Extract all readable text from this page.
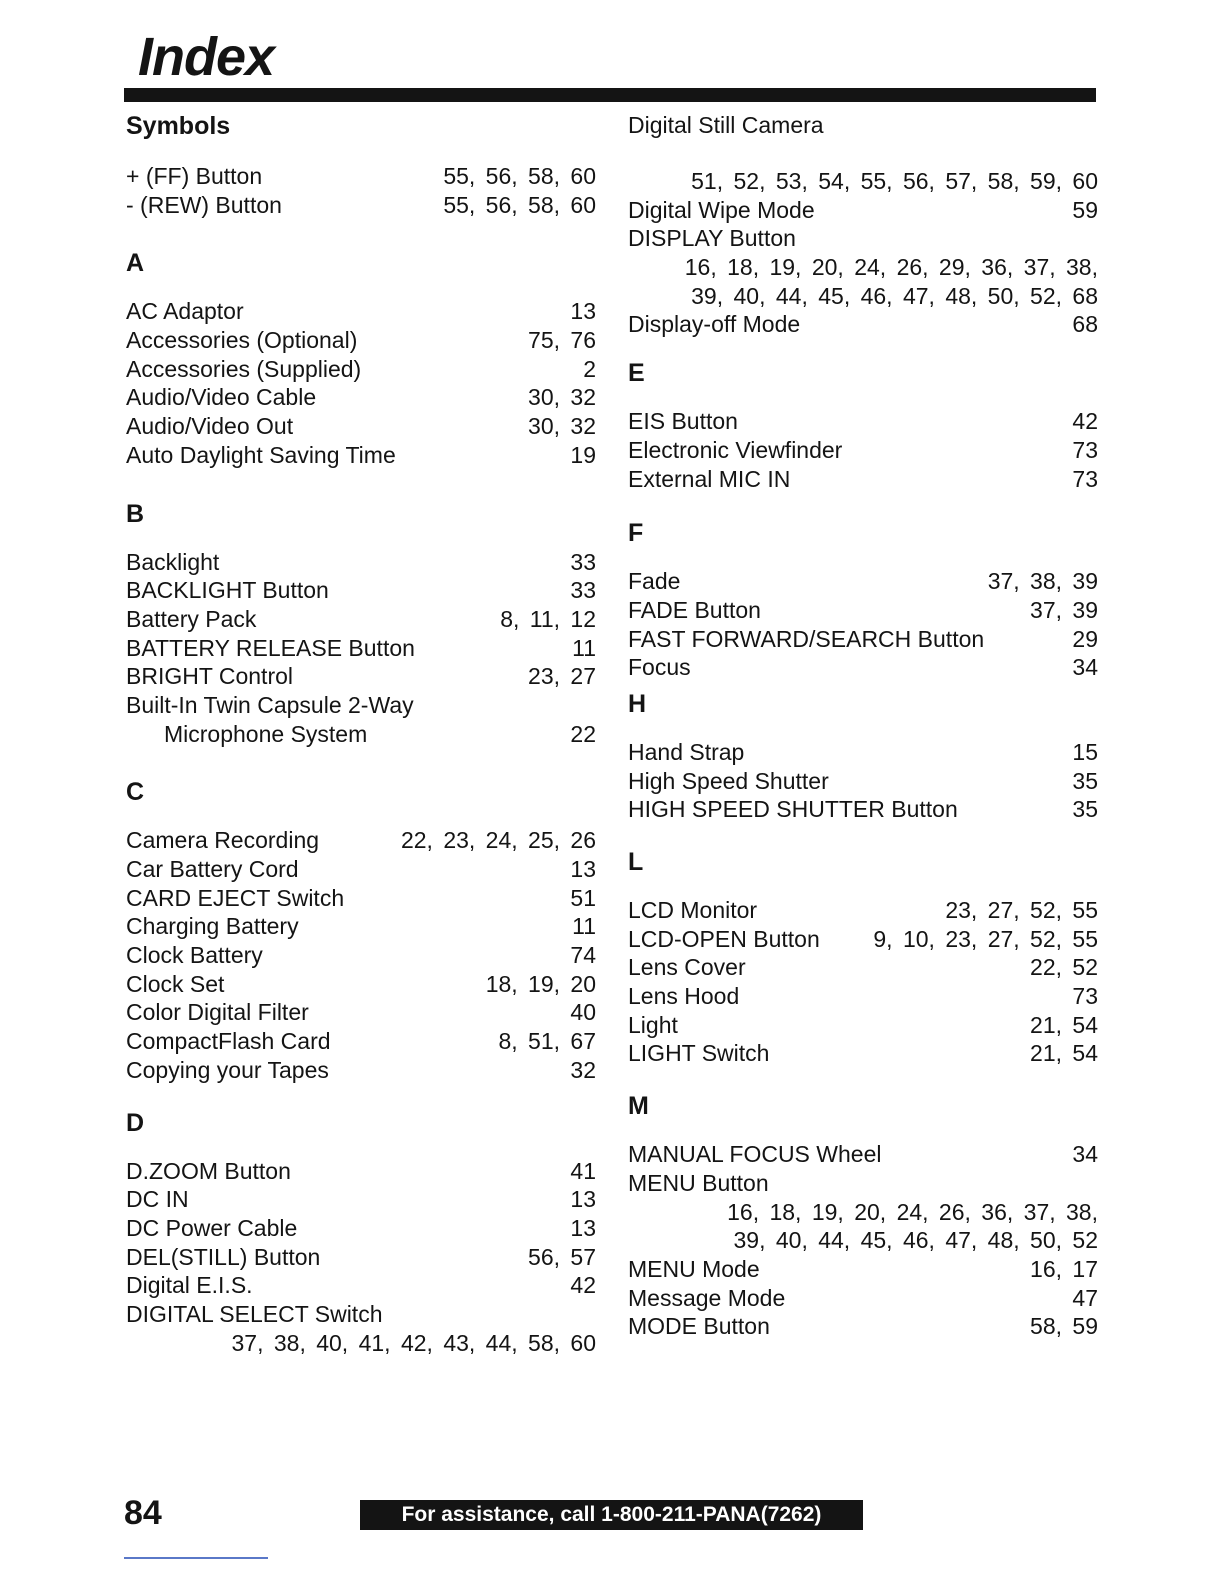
Index
Symbols
+ (FF) Button	55, 56, 58, 60
- (REW) Button	55, 56, 58, 60
A
AC Adaptor	13
Accessories (Optional)	75, 76
Accessories (Supplied)	2
Audio/Video Cable	30, 32
Audio/Video Out	30, 32
Auto Daylight Saving Time	19
B
Backlight	33
BACKLIGHT Button	33
Battery Pack	8, 11, 12
BATTERY RELEASE Button	11
BRIGHT Control	23, 27
Built-In Twin Capsule 2-Way
Microphone System	22
C
Camera Recording	22, 23, 24, 25, 26
Car Battery Cord	13
CARD EJECT Switch	51
Charging Battery	11
Clock Battery	74
Clock Set	18, 19, 20
Color Digital Filter	40
CompactFlash Card	8, 51, 67
Copying your Tapes	32
D
D.ZOOM Button	41
DC IN	13
DC Power Cable	13
DEL(STILL) Button	56, 57
Digital E.I.S.	42
DIGITAL SELECT Switch
37, 38, 40, 41, 42, 43, 44, 58, 60
Digital Still Camera
51, 52, 53, 54, 55, 56, 57, 58, 59, 60
Digital Wipe Mode	59
DISPLAY Button
16, 18, 19, 20, 24, 26, 29, 36, 37, 38,
39, 40, 44, 45, 46, 47, 48, 50, 52, 68
Display-off Mode	68
E
EIS Button	42
Electronic Viewfinder	73
External MIC IN	73
F
Fade	37, 38, 39
FADE Button	37, 39
FAST FORWARD/SEARCH Button	29
Focus	34
H
Hand Strap	15
High Speed Shutter	35
HIGH SPEED SHUTTER Button	35
L
LCD Monitor	23, 27, 52, 55
LCD-OPEN Button 9, 10, 23, 27, 52, 55
Lens Cover	22, 52
Lens Hood	73
Light	21, 54
LIGHT Switch	21, 54
M
MANUAL FOCUS Wheel	34
MENU Button
16, 18, 19, 20, 24, 26, 36, 37, 38,
39, 40, 44, 45, 46, 47, 48, 50, 52
MENU Mode	16, 17
Message Mode	47
MODE Button	58, 59
84	For assistance, call 1-800-211-PANA(7262)
